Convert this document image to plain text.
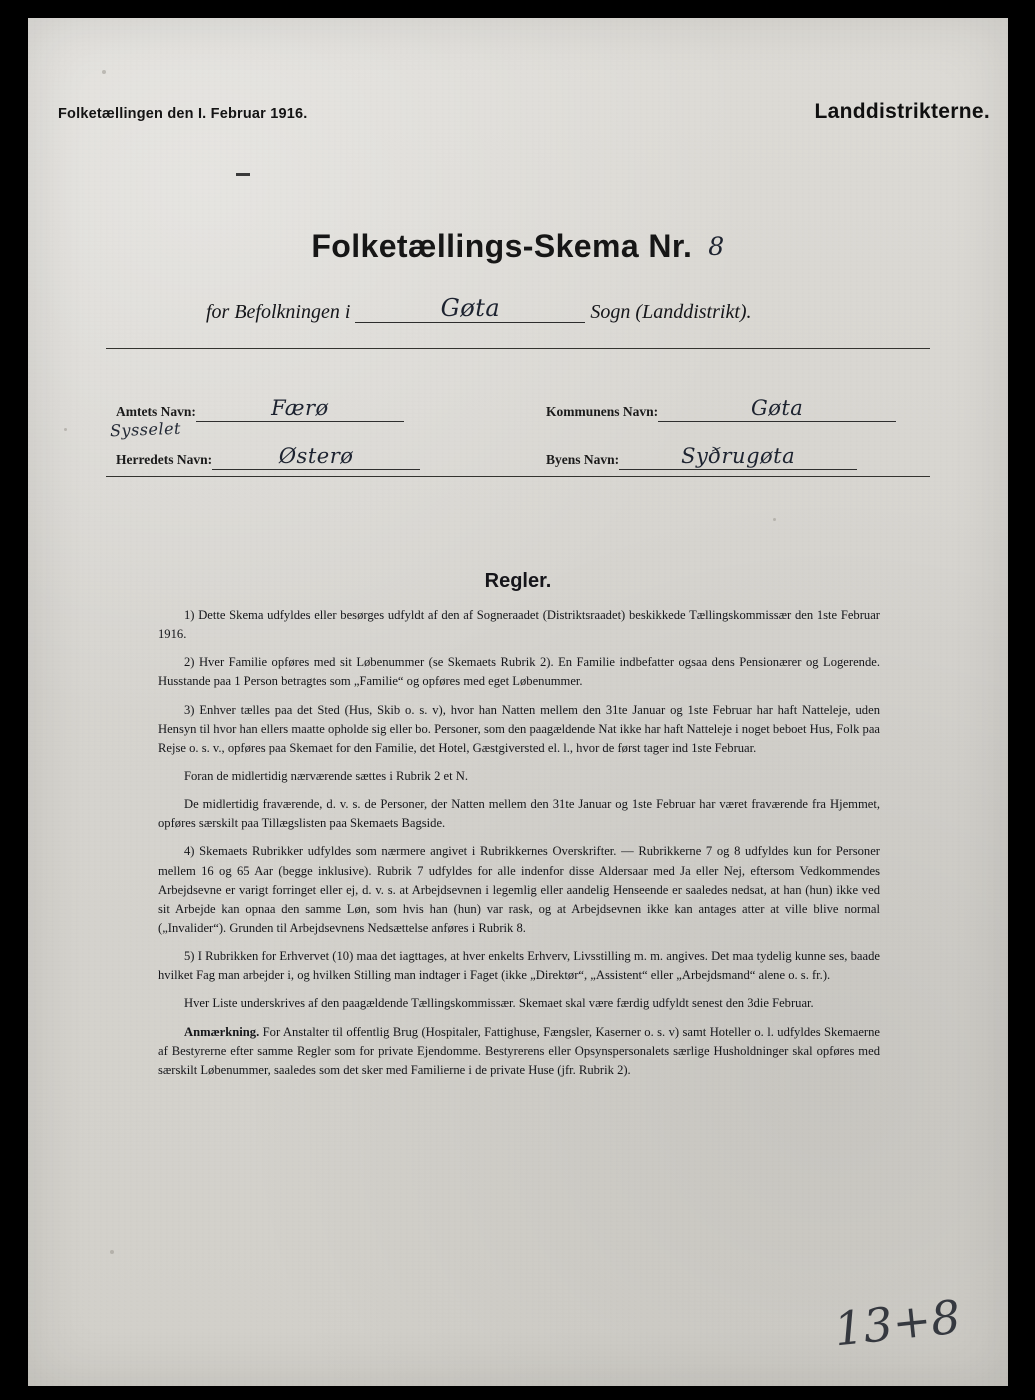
Folketællingen den I. Februar 1916.	Landdistrikterne.
Folketællings-Skema Nr. 8
for Befolkningen i	Gøta	Sogn (Landdistrikt).
Amtets Navn:	Færø
Sysselet
Herredets Navn:	Østerø
Kommunens Navn:	Gøta
Byens Navn:	Syðrugøta
Regler.

1) Dette Skema udfyldes eller besørges udfyldt af den af Sogneraadet (Distriktsraadet) beskikkede Tællingskommissær den 1ste Februar 1916.

2) Hver Familie opføres med sit Løbenummer (se Skemaets Rubrik 2). En Familie indbefatter ogsaa dens Pensionærer og Logerende. Husstande paa 1 Person betragtes som „Familie“ og opføres med eget Løbenummer.

3) Enhver tælles paa det Sted (Hus, Skib o. s. v), hvor han Natten mellem den 31te Januar og 1ste Februar har haft Natteleje, uden Hensyn til hvor han ellers maatte opholde sig eller bo. Personer, som den paagældende Nat ikke har haft Natteleje i noget beboet Hus, Folk paa Rejse o. s. v., opføres paa Skemaet for den Familie, det Hotel, Gæstgiversted el. l., hvor de først tager ind 1ste Februar.

Foran de midlertidig nærværende sættes i Rubrik 2 et N.

De midlertidig fraværende, d. v. s. de Personer, der Natten mellem den 31te Januar og 1ste Februar har været fraværende fra Hjemmet, opføres særskilt paa Tillægslisten paa Skemaets Bagside.

4) Skemaets Rubrikker udfyldes som nærmere angivet i Rubrikkernes Overskrifter. — Rubrikkerne 7 og 8 udfyldes kun for Personer mellem 16 og 65 Aar (begge inklusive). Rubrik 7 udfyldes for alle indenfor disse Aldersaar med Ja eller Nej, eftersom Vedkommendes Arbejdsevne er varigt forringet eller ej, d. v. s. at Arbejdsevnen i legemlig eller aandelig Henseende er saaledes nedsat, at han (hun) ikke ved sit Arbejde kan opnaa den samme Løn, som hvis han (hun) var rask, og at Arbejdsevnen ikke kan antages atter at ville blive normal („Invalider“). Grunden til Arbejdsevnens Nedsættelse anføres i Rubrik 8.

5) I Rubrikken for Erhvervet (10) maa det iagttages, at hver enkelts Erhverv, Livsstilling m. m. angives. Det maa tydelig kunne ses, baade hvilket Fag man arbejder i, og hvilken Stilling man indtager i Faget (ikke „Direktør“, „Assistent“ eller „Arbejdsmand“ alene o. s. fr.).

Hver Liste underskrives af den paagældende Tællingskommissær. Skemaet skal være færdig udfyldt senest den 3die Februar.

Anmærkning. For Anstalter til offentlig Brug (Hospitaler, Fattighuse, Fængsler, Kaserner o. s. v) samt Hoteller o. l. udfyldes Skemaerne af Bestyrerne efter samme Regler som for private Ejendomme. Bestyrerens eller Opsynspersonalets særlige Husholdninger skal opføres med særskilt Løbenummer, saaledes som det sker med Familierne i de private Huse (jfr. Rubrik 2).

13+8
